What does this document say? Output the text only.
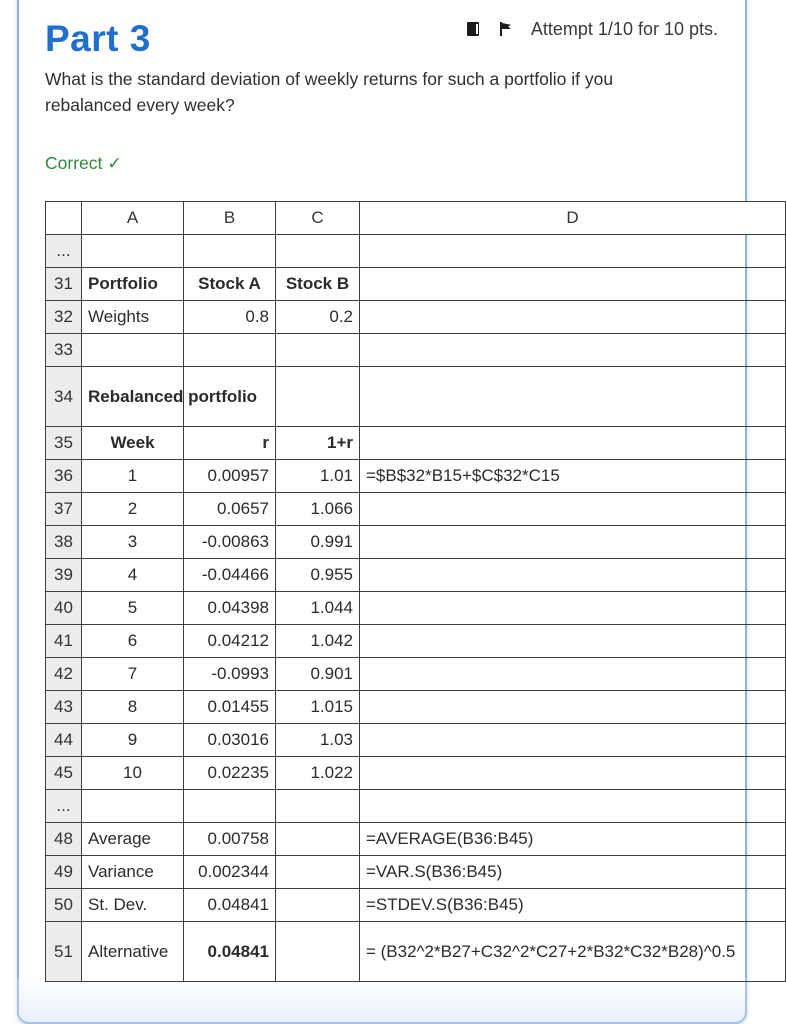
Part 3	Attempt 1/10 for 10 pts.
What is the standard deviation of weekly returns for such a portfolio if you rebalanced every week?
Correct ✓
	A	B	C	D
...				
31	Portfolio	Stock A	Stock B	
32	Weights	0.8	0.2	
33				
34	Rebalanced portfolio			
35	Week	r	1+r	
36	1	0.00957	1.01	=$B$32*B15+$C$32*C15
37	2	0.0657	1.066	
38	3	-0.00863	0.991	
39	4	-0.04466	0.955	
40	5	0.04398	1.044	
41	6	0.04212	1.042	
42	7	-0.0993	0.901	
43	8	0.01455	1.015	
44	9	0.03016	1.03	
45	10	0.02235	1.022	
...				
48	Average	0.00758		=AVERAGE(B36:B45)
49	Variance	0.002344		=VAR.S(B36:B45)
50	St. Dev.	0.04841		=STDEV.S(B36:B45)
51	Alternative	0.04841		= (B32^2*B27+C32^2*C27+2*B32*C32*B28)^0.5
